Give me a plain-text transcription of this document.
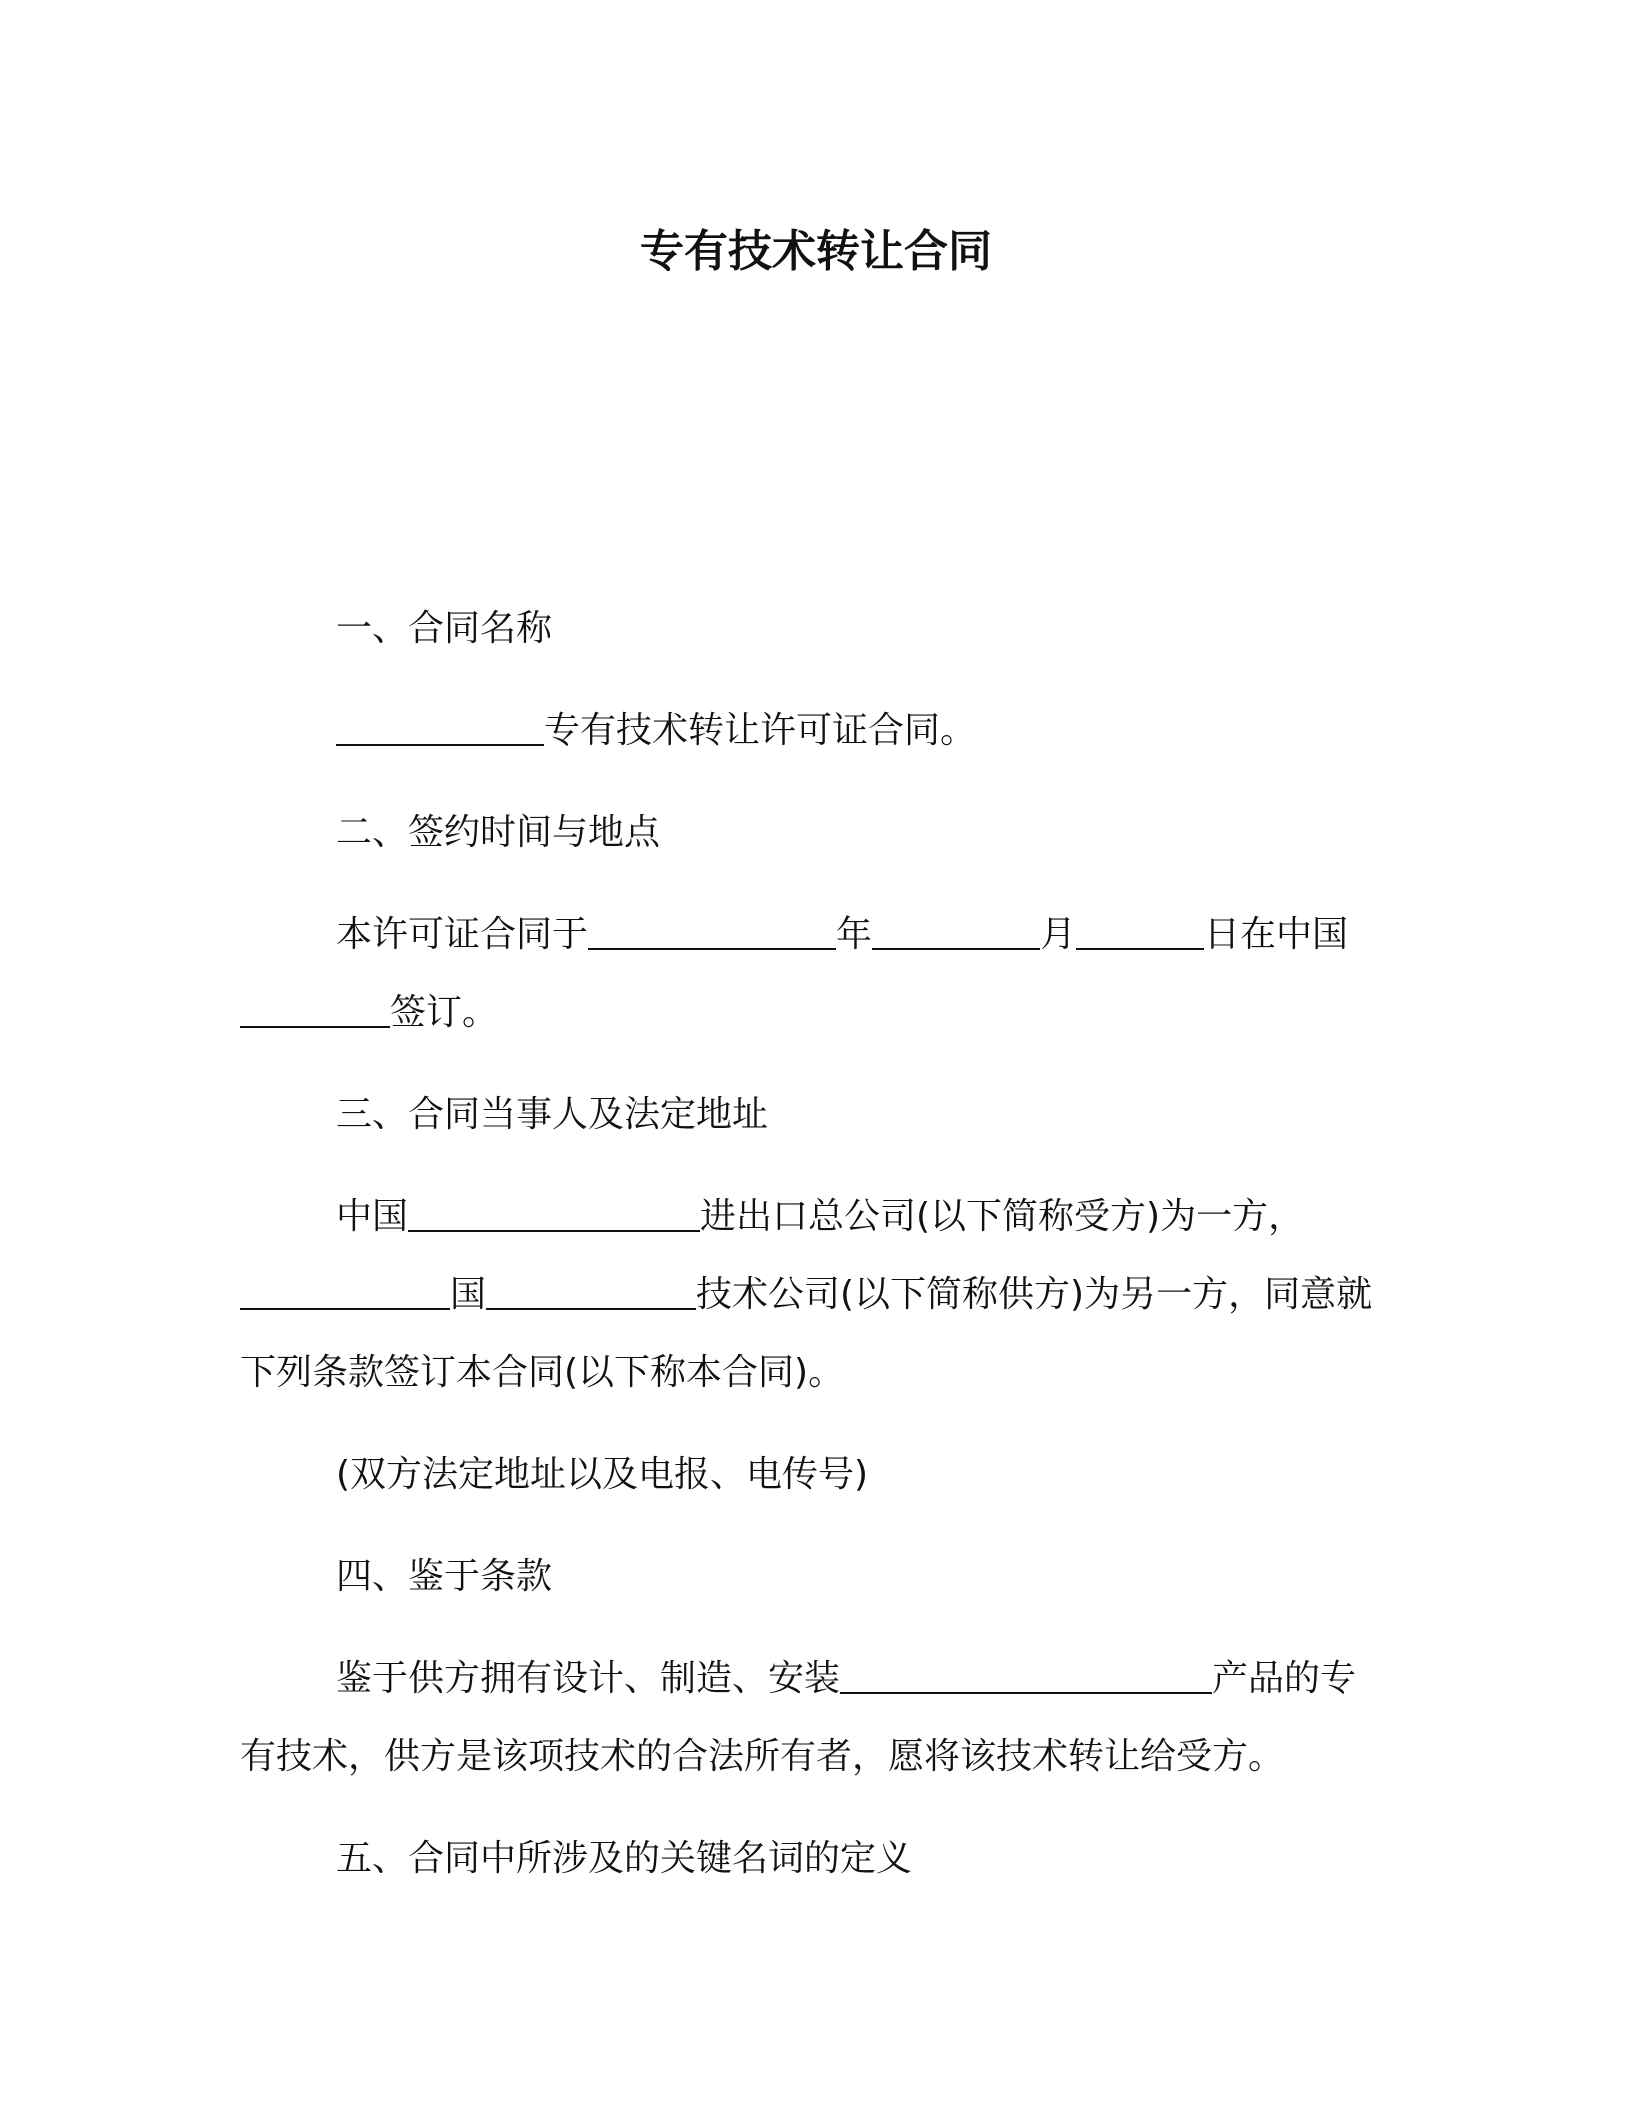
专有技术转让合同
一、合同名称
专有技术转让许可证合同。
二、签约时间与地点
本许可证合同于	年	月	日在中国签订。
三、合同当事人及法定地址
中国	进出口总公司(以下简称受方)为一方，国	技术公司(以下简称供方)为另一方，同意就下列条款签订本合同(以下称本合同)。
(双方法定地址以及电报、电传号)
四、鉴于条款
鉴于供方拥有设计、制造、安装	产品的专有技术，供方是该项技术的合法所有者，愿将该技术转让给受方。
五、合同中所涉及的关键名词的定义
